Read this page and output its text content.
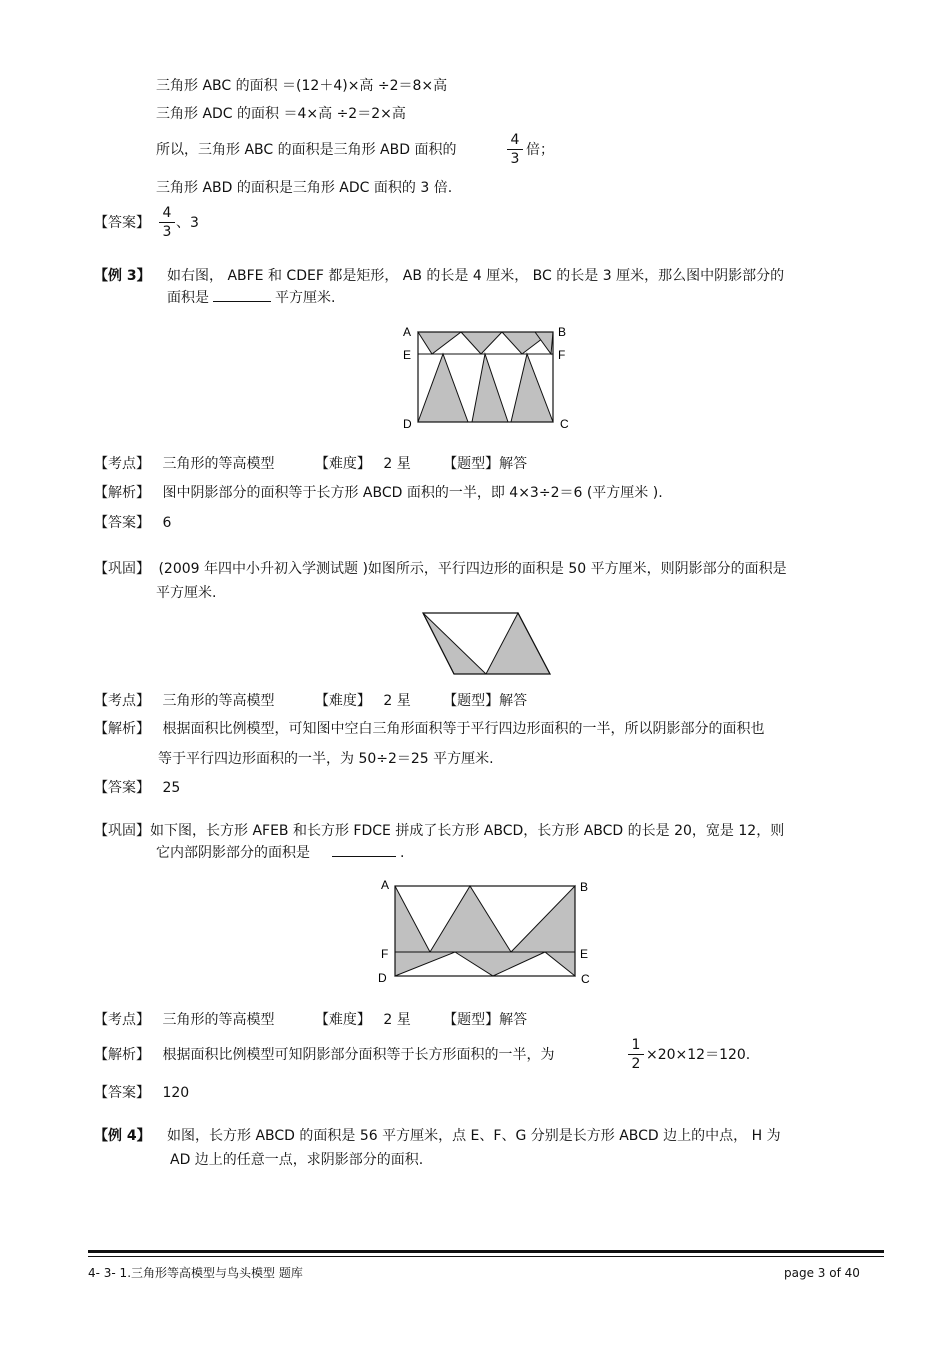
三角形 ABC 的面积 ＝(12＋4)×高 ÷2＝8×高
三角形 ADC 的面积 ＝4×高 ÷2＝2×高
所以，三角形 ABC 的面积是三角形 ABD 面积的
4
3
倍；
三角形 ABD 的面积是三角形 ADC 面积的 3 倍.
【答案】
4
3
、3
【例 3】 如右图， ABFE 和 CDEF 都是矩形， AB 的长是 4 厘米， BC 的长是 3 厘米，那么图中阴影部分的
面积是	平方厘米.
A	B
E	F
D	C
【考点】 三角形的等高模型	【难度】 2 星 【题型】解答
【解析】 图中阴影部分的面积等于长方形 ABCD 面积的一半，即 4×3÷2＝6 (平方厘米 ).
【答案】 6
【巩固】 (2009 年四中小升初入学测试题 )如图所示，平行四边形的面积是 50 平方厘米，则阴影部分的面积是
平方厘米.
【考点】 三角形的等高模型	【难度】 2 星 【题型】解答
【解析】 根据面积比例模型，可知图中空白三角形面积等于平行四边形面积的一半，所以阴影部分的面积也
等于平行四边形面积的一半，为 50÷2＝25 平方厘米.
【答案】 25
【巩固】如下图，长方形 AFEB 和长方形 FDCE 拼成了长方形 ABCD，长方形 ABCD 的长是 20，宽是 12，则
它内部阴影部分的面积是	.
A	B
F	E
D	C
【考点】 三角形的等高模型	【难度】 2 星 【题型】解答
【解析】 根据面积比例模型可知阴影部分面积等于长方形面积的一半，为
1
2
×20×12＝120.
【答案】 120
【例 4】 如图，长方形 ABCD 的面积是 56 平方厘米，点 E、F、G 分别是长方形 ABCD 边上的中点， H 为
AD 边上的任意一点，求阴影部分的面积.
4- 3- 1.三角形等高模型与鸟头模型 题库	page 3 of 40
